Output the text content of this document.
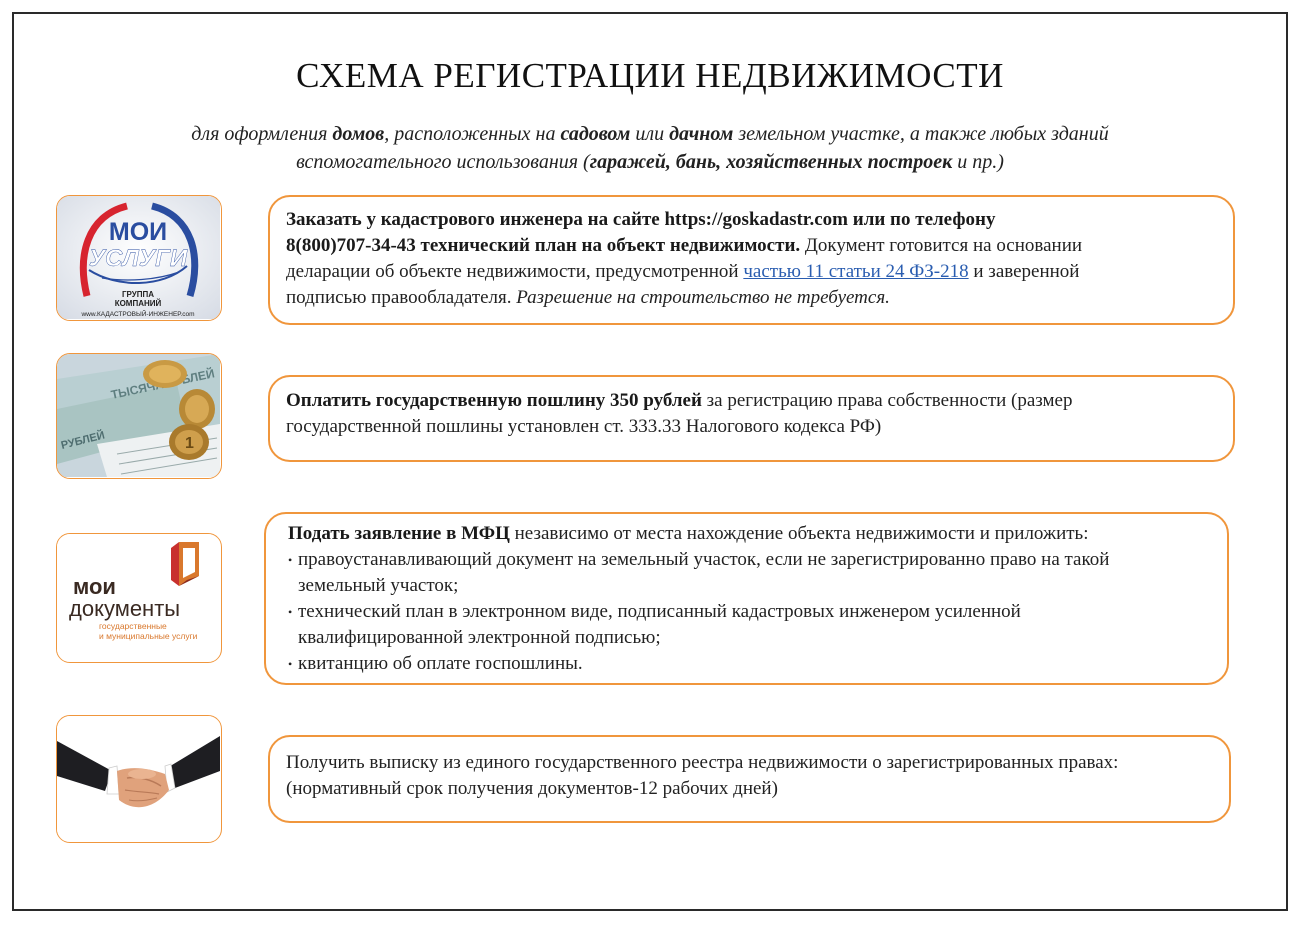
СХЕМА РЕГИСТРАЦИИ НЕДВИЖИМОСТИ
для оформления домов, расположенных на садовом или дачном земельном участке, а также любых зданий
вспомогательного использования (гаражей, бань, хозяйственных построек и пр.)
МОИ
УСЛУГИ
ГРУППА
КОМПАНИЙ
www.КАДАСТРОВЫЙ-ИНЖЕНЕР.com
Заказать у кадастрового инженера на сайте https://goskadastr.com или по телефону
8(800)707-34-43 технический план на объект недвижимости. Документ готовится на основании
деларации об объекте недвижимости, предусмотренной частью 11 статьи 24 ФЗ-218 и заверенной
подписью правообладателя. Разрешение на строительство не требуется.
ТЫСЯЧА РУБЛЕЙ
РУБЛЕЙ	1
Оплатить государственную пошлину 350 рублей за регистрацию права собственности (размер
государственной пошлины установлен ст. 333.33 Налогового кодекса РФ)
мои
документы
государственные
и муниципальные услуги
Подать заявление в МФЦ независимо от места нахождение объекта недвижимости и приложить:
• правоустанавливающий документ на земельный участок, если не зарегистрированно право на такой
земельный участок;
• технический план в электронном виде, подписанный кадастровых инженером усиленной
квалифицированной электронной подписью;
• квитанцию об оплате госпошлины.
Получить выписку из единого государственного реестра недвижимости о зарегистрированных правах:
(нормативный срок получения документов-12 рабочих дней)
